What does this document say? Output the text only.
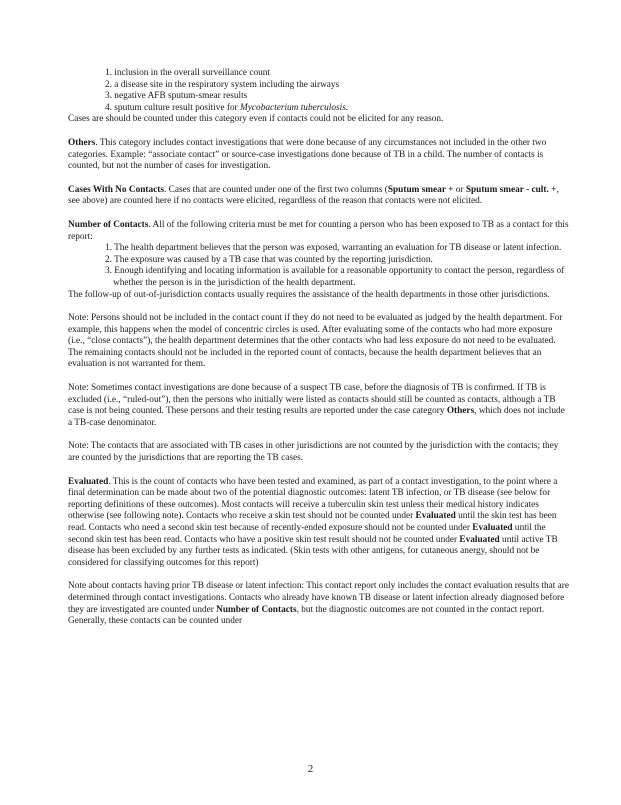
1. inclusion in the overall surveillance count

2. a disease site in the respiratory system including the airways

3. negative AFB sputum-smear results

4. sputum culture result positive for Mycobacterium tuberculosis.

Cases are should be counted under this category even if contacts could not be elicited for any reason.

Others. This category includes contact investigations that were done because of any circumstances not included in the other two categories. Example: “associate contact” or source-case investigations done because of TB in a child. The number of contacts is counted, but not the number of cases for investigation.

Cases With No Contacts. Cases that are counted under one of the first two columns (Sputum smear + or Sputum smear - cult. +, see above) are counted here if no contacts were elicited, regardless of the reason that contacts were not elicited.

Number of Contacts. All of the following criteria must be met for counting a person who has been exposed to TB as a contact for this report:

1. The health department believes that the person was exposed, warranting an evaluation for TB disease or latent infection.

2. The exposure was caused by a TB case that was counted by the reporting jurisdiction.

3. Enough identifying and locating information is available for a reasonable opportunity to contact the person, regardless of whether the person is in the jurisdiction of the health department.

The follow-up of out-of-jurisdiction contacts usually requires the assistance of the health departments in those other jurisdictions.

Note: Persons should not be included in the contact count if they do not need to be evaluated as judged by the health department. For example, this happens when the model of concentric circles is used. After evaluating some of the contacts who had more exposure (i.e., “close contacts”), the health department determines that the other contacts who had less exposure do not need to be evaluated. The remaining contacts should not be included in the reported count of contacts, because the health department believes that an evaluation is not warranted for them.

Note: Sometimes contact investigations are done because of a suspect TB case, before the diagnosis of TB is confirmed. If TB is excluded (i.e., “ruled-out”), then the persons who initially were listed as contacts should still be counted as contacts, although a TB case is not being counted. These persons and their testing results are reported under the case category Others, which does not include a TB-case denominator.

Note: The contacts that are associated with TB cases in other jurisdictions are not counted by the jurisdiction with the contacts; they are counted by the jurisdictions that are reporting the TB cases.

Evaluated. This is the count of contacts who have been tested and examined, as part of a contact investigation, to the point where a final determination can be made about two of the potential diagnostic outcomes: latent TB infection, or TB disease (see below for reporting definitions of these outcomes). Most contacts will receive a tuberculin skin test unless their medical history indicates otherwise (see following note). Contacts who receive a skin test should not be counted under Evaluated until the skin test has been read. Contacts who need a second skin test because of recently-ended exposure should not be counted under Evaluated until the second skin test has been read. Contacts who have a positive skin test result should not be counted under Evaluated until active TB disease has been excluded by any further tests as indicated. (Skin tests with other antigens, for cutaneous anergy, should not be considered for classifying outcomes for this report)

Note about contacts having prior TB disease or latent infection: This contact report only includes the contact evaluation results that are determined through contact investigations. Contacts who already have known TB disease or latent infection already diagnosed before they are investigated are counted under Number of Contacts, but the diagnostic outcomes are not counted in the contact report. Generally, these contacts can be counted under

2
